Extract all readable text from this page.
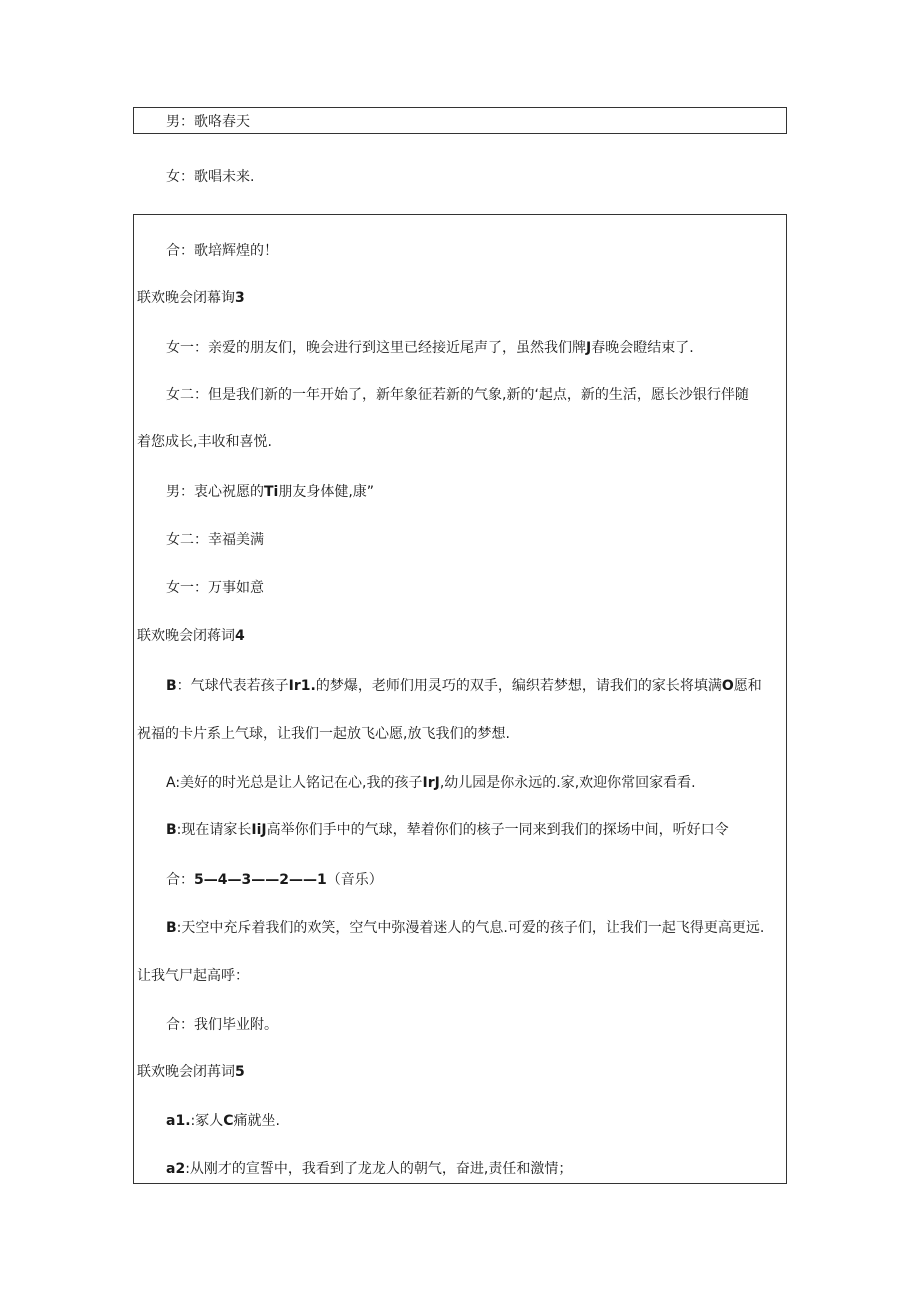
男：歌咯春天
女：歌唱未来.
合：歌培辉煌的！
联欢晚会闭幕询3
女一：亲爱的朋友们，晚会进行到这里已经接近尾声了，虽然我们牌J春晚会瞪结束了.
女二：但是我们新的一年开始了，新年象征若新的气象,新的‘起点，新的生活，愿长沙银行伴随
着您成长,丰收和喜悦.
男：衷心祝愿的Ti朋友身体健,康”
女二：幸福美满
女一：万事如意
联欢晚会闭蒋词4
B：气球代表若孩子Ir1.的梦爆，老师们用灵巧的双手，编织若梦想，请我们的家长将填满O愿和
祝福的卡片系上气球，让我们一起放飞心愿,放飞我们的梦想.
A:美好的时光总是让人铭记在心,我的孩子IrJ,幼儿园是你永远的.家,欢迎你常回家看看.
B:现在请家长IiJ高举你们手中的气球，辇着你们的核子一同来到我们的探场中间，听好口令
合：5—4—3——2——1（音乐）
B:天空中充斥着我们的欢笑，空气中弥漫着迷人的气息.可爱的孩子们，让我们一起飞得更高更远.
让我气尸起高呼：
合：我们毕业附。
联欢晚会闭苒词5
a1.:冢人C痛就坐.
a2:从刚才的宣誓中，我看到了龙龙人的朝气，奋进,责任和激情；
